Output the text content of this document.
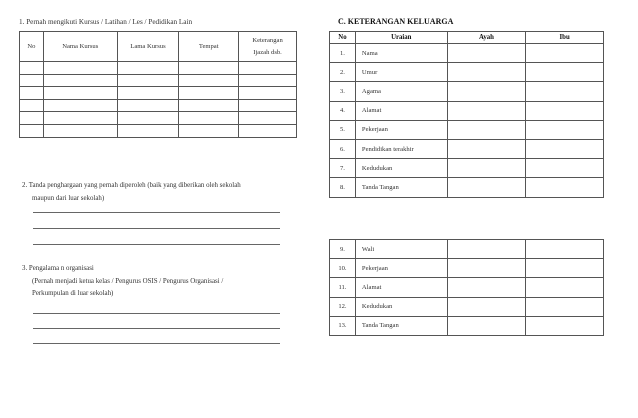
1. Pernah mengikuti Kursus / Latihan / Les / Pedidikan Lain
No	Nama Kursus	Lama Kursus	Tempat	Keterangan
Ijazah dsb.

2. Tanda penghargaan yang pernah diperoleh (baik yang diberikan oleh sekolah
maupun dari luar sekolah)
3. Pengalama n organisasi
(Pernah menjadi ketua kelas / Pengurus OSIS / Pengurus Organisasi /
Perkumpulan di luar sekolah)
C. KETERANGAN KELUARGA
No	Uraian	Ayah	Ibu
1.	Nama		
2.	Umur		
3.	Agama		
4.	Alamat		
5.	Pekerjaan		
6.	Pendidikan terakhir		
7.	Kedudukan		
8.	Tanda Tangan		
9.	Wali		
10.	Pekerjaan		
11.	Alamat		
12.	Kedudukan		
13.	Tanda Tangan		
